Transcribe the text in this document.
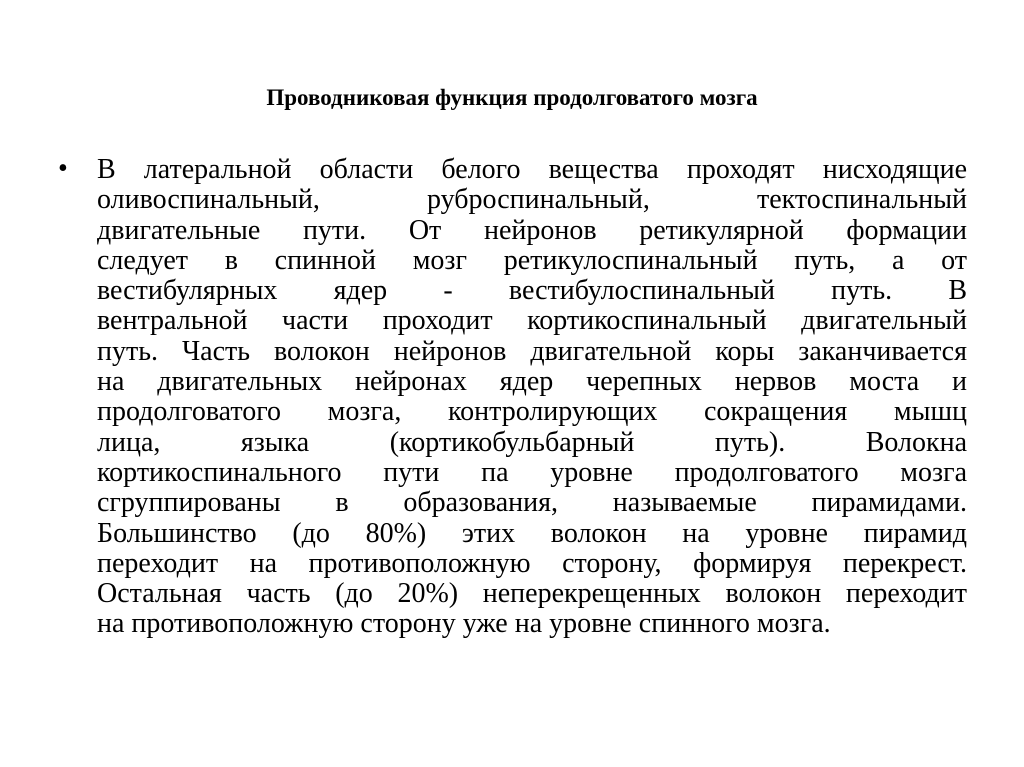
Проводниковая функция продолговатого мозга
• В латеральной области белого вещества проходят нисходящие
оливоспинальный, руброспинальный, тектоспинальный
двигательные пути. От нейронов ретикулярной формации
следует в спинной мозг ретикулоспинальный путь, а от
вестибулярных ядер - вестибулоспинальный путь. В
вентральной части проходит кортикоспинальный двигательный
путь. Часть волокон нейронов двигательной коры заканчивается
на двигательных нейронах ядер черепных нервов моста и
продолговатого мозга, контролирующих сокращения мышц
лица, языка (кортикобульбарный путь). Волокна
кортикоспинального пути па уровне продолговатого мозга
сгруппированы в образования, называемые пирамидами.
Большинство (до 80%) этих волокон на уровне пирамид
переходит на противоположную сторону, формируя перекрест.
Остальная часть (до 20%) неперекрещенных волокон переходит
на противоположную сторону уже на уровне спинного мозга.
